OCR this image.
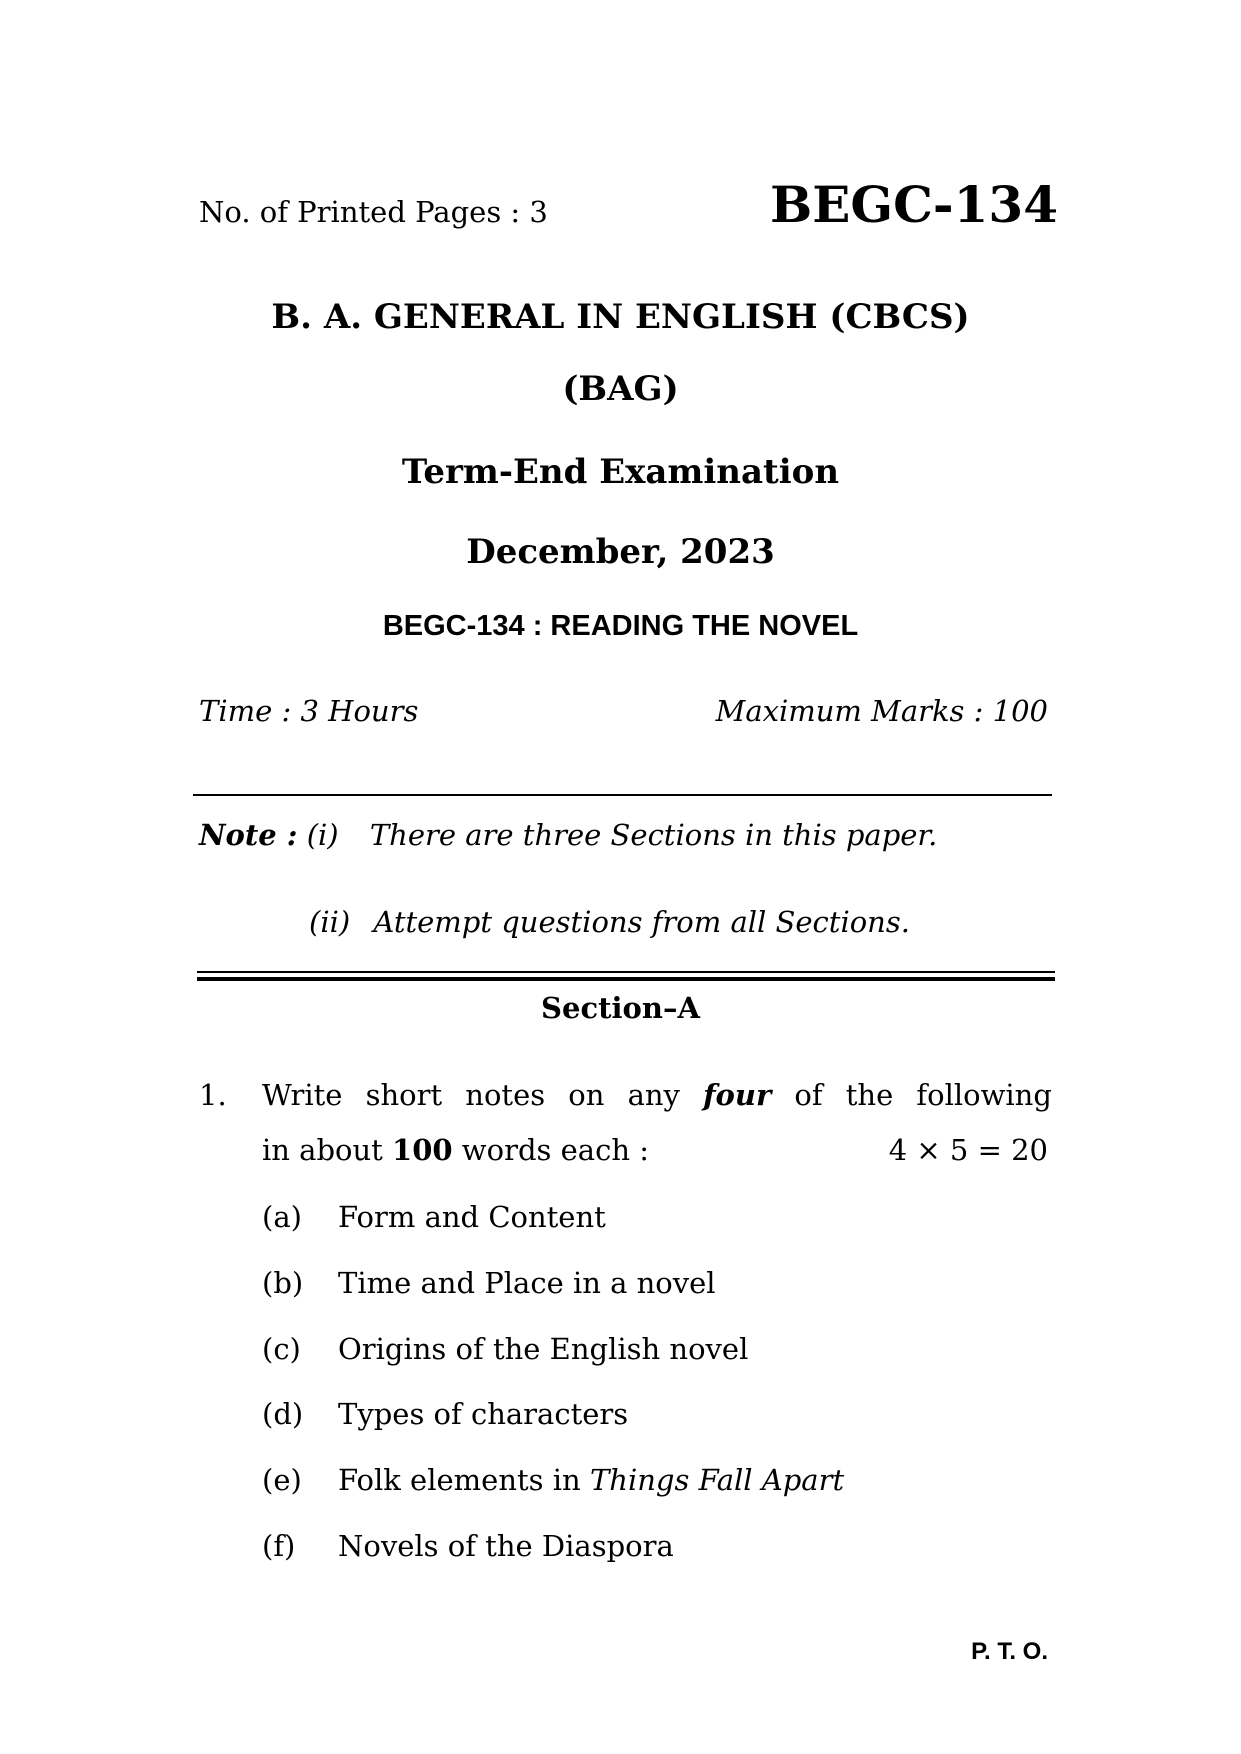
No. of Printed Pages : 3	BEGC-134
B. A. GENERAL IN ENGLISH (CBCS)
(BAG)
Term-End Examination
December, 2023
BEGC-134 : READING THE NOVEL
Time : 3 Hours	Maximum Marks : 100
Note : (i) There are three Sections in this paper.
(ii) Attempt questions from all Sections.
Section–A
1. Write short notes on any four of the following
in about 100 words each :	4 × 5 = 20
(a) Form and Content
(b) Time and Place in a novel
(c) Origins of the English novel
(d) Types of characters
(e) Folk elements in Things Fall Apart
(f) Novels of the Diaspora
P. T. O.
